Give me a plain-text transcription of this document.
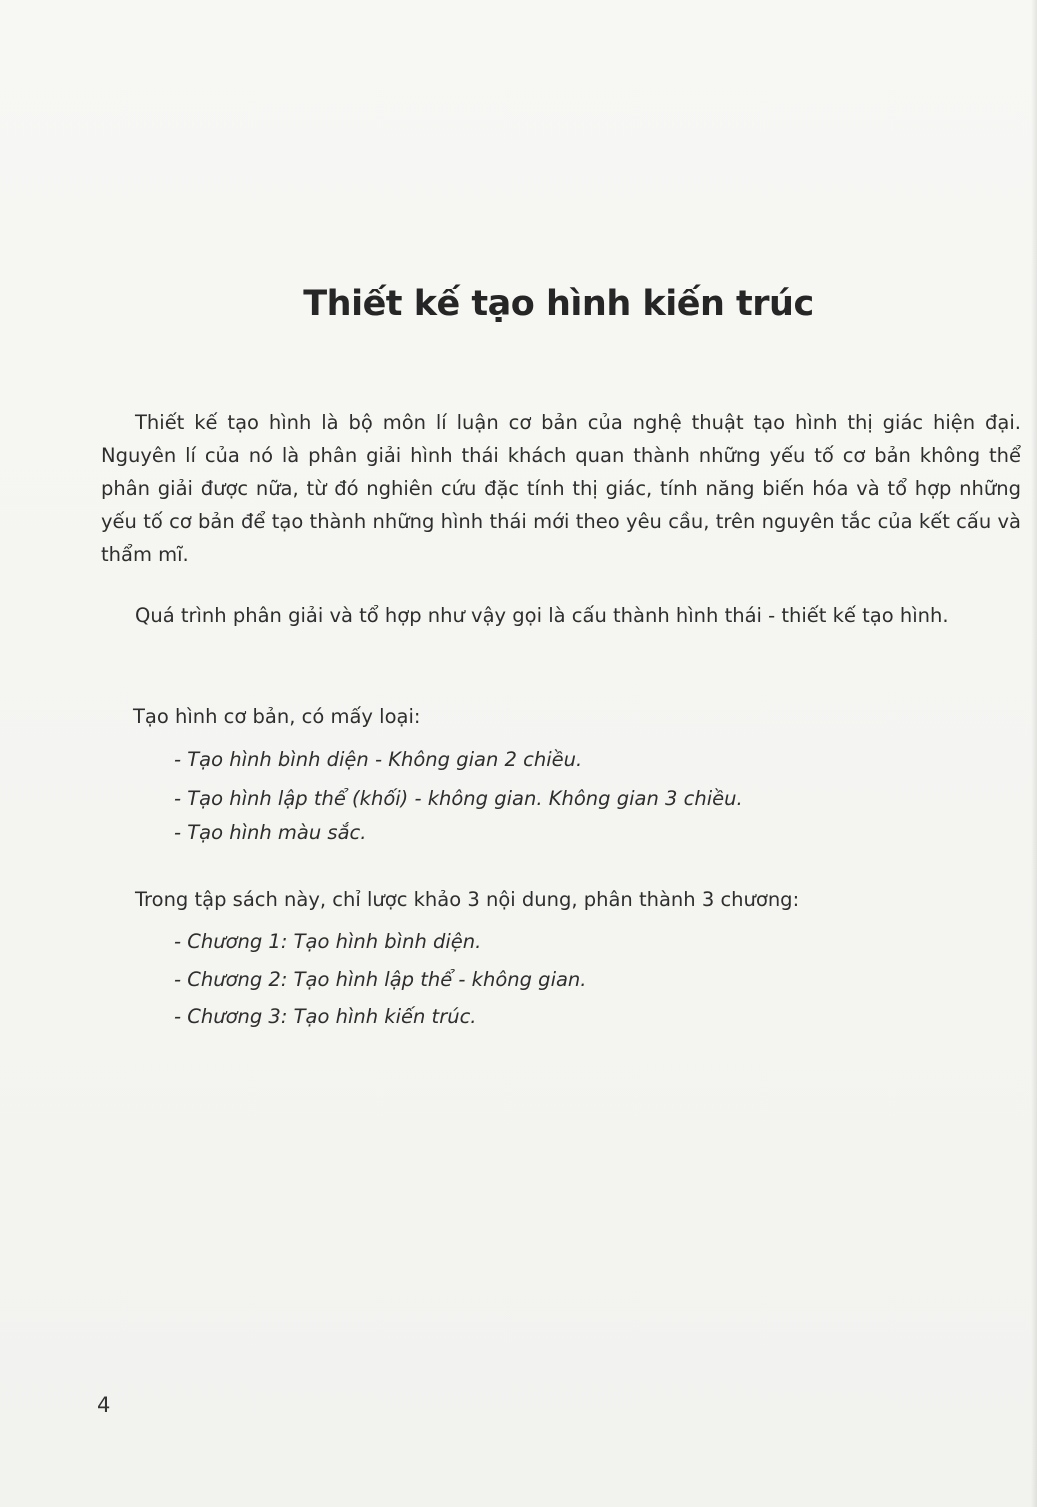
Thiết kế tạo hình kiến trúc

Thiết kế tạo hình là bộ môn lí luận cơ bản của nghệ thuật tạo hình thị giác hiện đại. Nguyên lí của nó là phân giải hình thái khách quan thành những yếu tố cơ bản không thể phân giải được nữa, từ đó nghiên cứu đặc tính thị giác, tính năng biến hóa và tổ hợp những yếu tố cơ bản để tạo thành những hình thái mới theo yêu cầu, trên nguyên tắc của kết cấu và thẩm mĩ.

Quá trình phân giải và tổ hợp như vậy gọi là cấu thành hình thái - thiết kế tạo hình.

Tạo hình cơ bản, có mấy loại:

- Tạo hình bình diện - Không gian 2 chiều.

- Tạo hình lập thể (khối) - không gian. Không gian 3 chiều.

- Tạo hình màu sắc.

Trong tập sách này, chỉ lược khảo 3 nội dung, phân thành 3 chương:

- Chương 1: Tạo hình bình diện.

- Chương 2: Tạo hình lập thể - không gian.

- Chương 3: Tạo hình kiến trúc.

4
